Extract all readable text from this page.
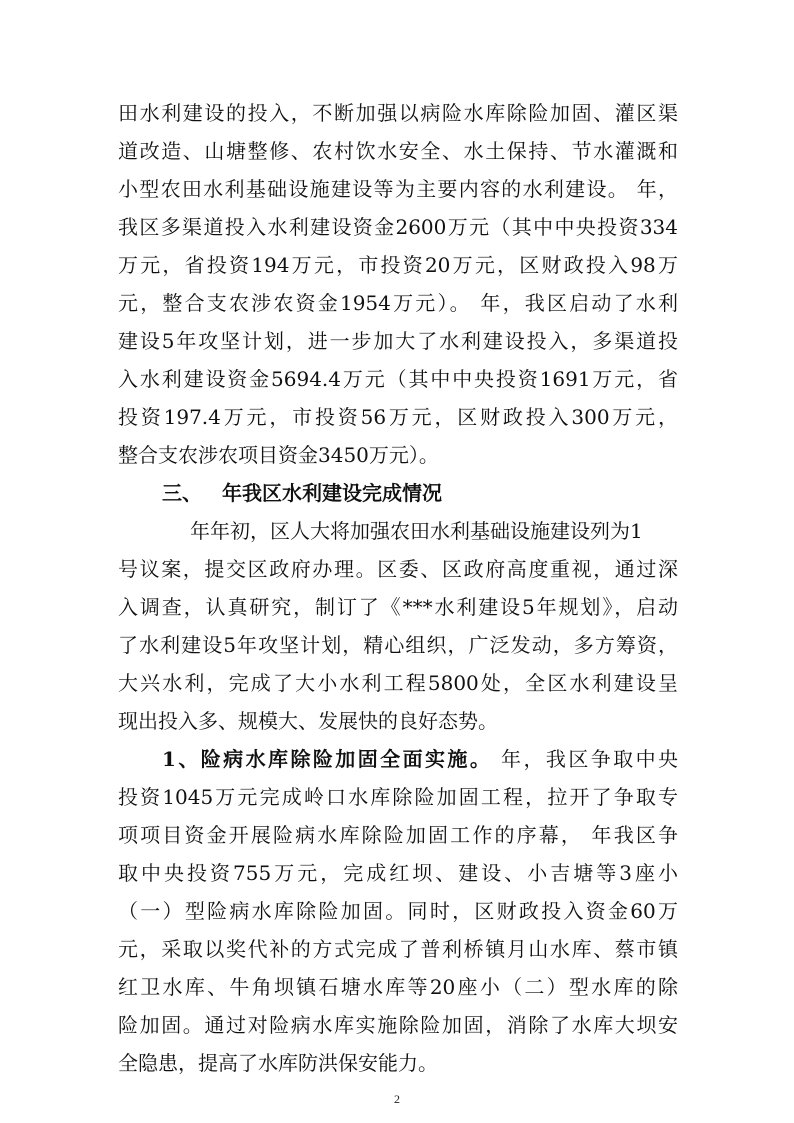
田水利建设的投入，不断加强以病险水库除险加固、灌区渠
道改造、山塘整修、农村饮水安全、水土保持、节水灌溉和
小型农田水利基础设施建设等为主要内容的水利建设。 年，
我区多渠道投入水利建设资金2600万元（其中中央投资334
万元，省投资194万元，市投资20万元，区财政投入98万
元，整合支农涉农资金1954万元）。 年，我区启动了水利
建设5年攻坚计划，进一步加大了水利建设投入，多渠道投
入水利建设资金5694.4万元（其中中央投资1691万元，省
投资197.4万元，市投资56万元，区财政投入300万元，
整合支农涉农项目资金3450万元）。
三、 年我区水利建设完成情况
年年初，区人大将加强农田水利基础设施建设列为1
号议案，提交区政府办理。区委、区政府高度重视，通过深
入调查，认真研究，制订了《***水利建设5年规划》，启动
了水利建设5年攻坚计划，精心组织，广泛发动，多方筹资，
大兴水利，完成了大小水利工程5800处，全区水利建设呈
现出投入多、规模大、发展快的良好态势。
1、险病水库除险加固全面实施。 年，我区争取中央
投资1045万元完成岭口水库除险加固工程，拉开了争取专
项项目资金开展险病水库除险加固工作的序幕， 年我区争
取中央投资755万元，完成红坝、建设、小吉塘等3座小
（一）型险病水库除险加固。同时，区财政投入资金60万
元，采取以奖代补的方式完成了普利桥镇月山水库、蔡市镇
红卫水库、牛角坝镇石塘水库等20座小（二）型水库的除
险加固。通过对险病水库实施除险加固，消除了水库大坝安
全隐患，提高了水库防洪保安能力。
2
